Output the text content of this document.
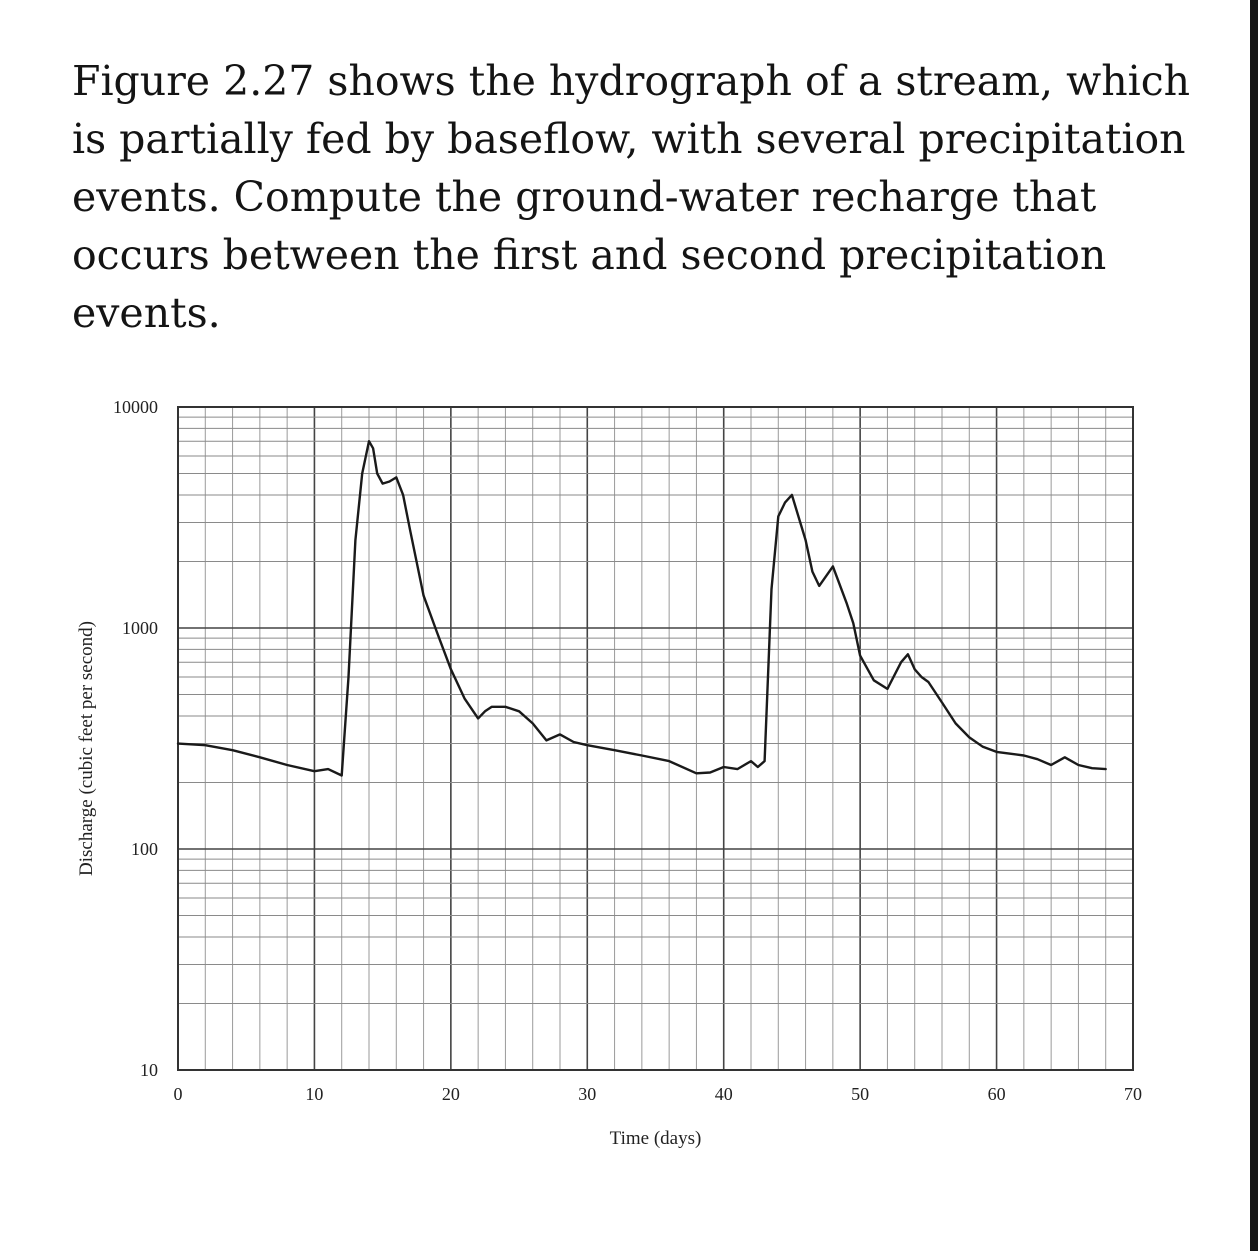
Figure 2.27 shows the hydrograph of a stream, which is partially fed by baseflow, with several precipitation events. Compute the ground-water recharge that occurs between the first and second precipitation events.

0	10	20	30	40	50	60	70
10
100
1000
10000
Time (days)
Discharge (cubic feet per second)
